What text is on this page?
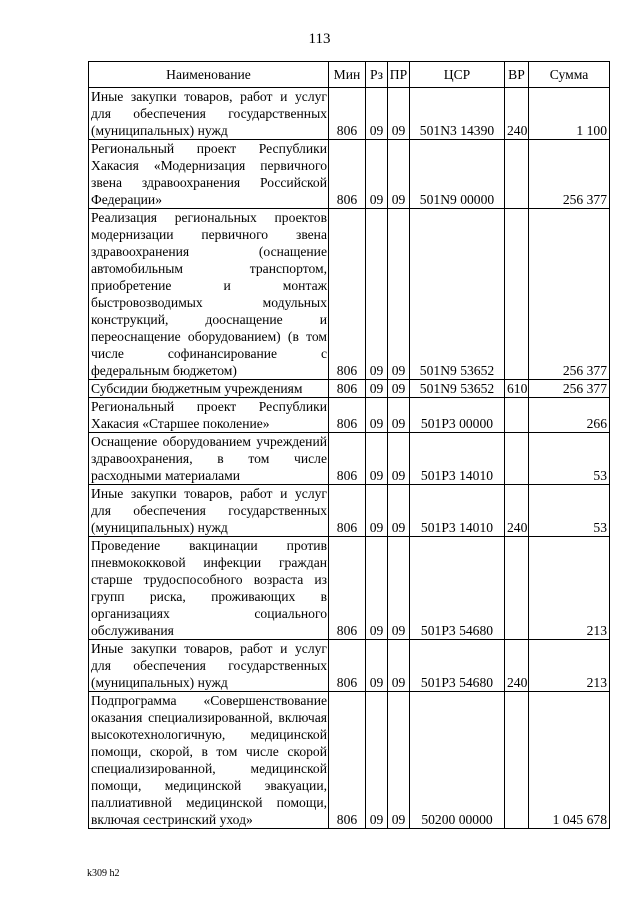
113
Наименование	Мин	Рз	ПР	ЦСР	ВР	Сумма
Иные закупки товаров, работ и услуг для обеспечения государственных (муниципальных) нужд	806	09	09	501N3 14390	240	1 100
Региональный проект Республики Хакасия «Модернизация первичного звена здравоохранения Российской Федерации»	806	09	09	501N9 00000		256 377
Реализация региональных проектов модернизации первичного звена здравоохранения (оснащение автомобильным транспортом, приобретение и монтаж быстровозводимых модульных конструкций, дооснащение и переоснащение оборудованием) (в том числе софинансирование с федеральным бюджетом)	806	09	09	501N9 53652		256 377
Субсидии бюджетным учреждениям	806	09	09	501N9 53652	610	256 377
Региональный проект Республики Хакасия «Старшее поколение»	806	09	09	501P3 00000		266
Оснащение оборудованием учреждений здравоохранения, в том числе расходными материалами	806	09	09	501P3 14010		53
Иные закупки товаров, работ и услуг для обеспечения государственных (муниципальных) нужд	806	09	09	501P3 14010	240	53
Проведение вакцинации против пневмококковой инфекции граждан старше трудоспособного возраста из групп риска, проживающих в организациях социального обслуживания	806	09	09	501P3 54680		213
Иные закупки товаров, работ и услуг для обеспечения государственных (муниципальных) нужд	806	09	09	501P3 54680	240	213
Подпрограмма «Совершенствование оказания специализированной, включая высокотехнологичную, медицинской помощи, скорой, в том числе скорой специализированной, медицинской помощи, медицинской эвакуации, паллиативной медицинской помощи, включая сестринский уход»	806	09	09	50200 00000		1 045 678
k309 h2
